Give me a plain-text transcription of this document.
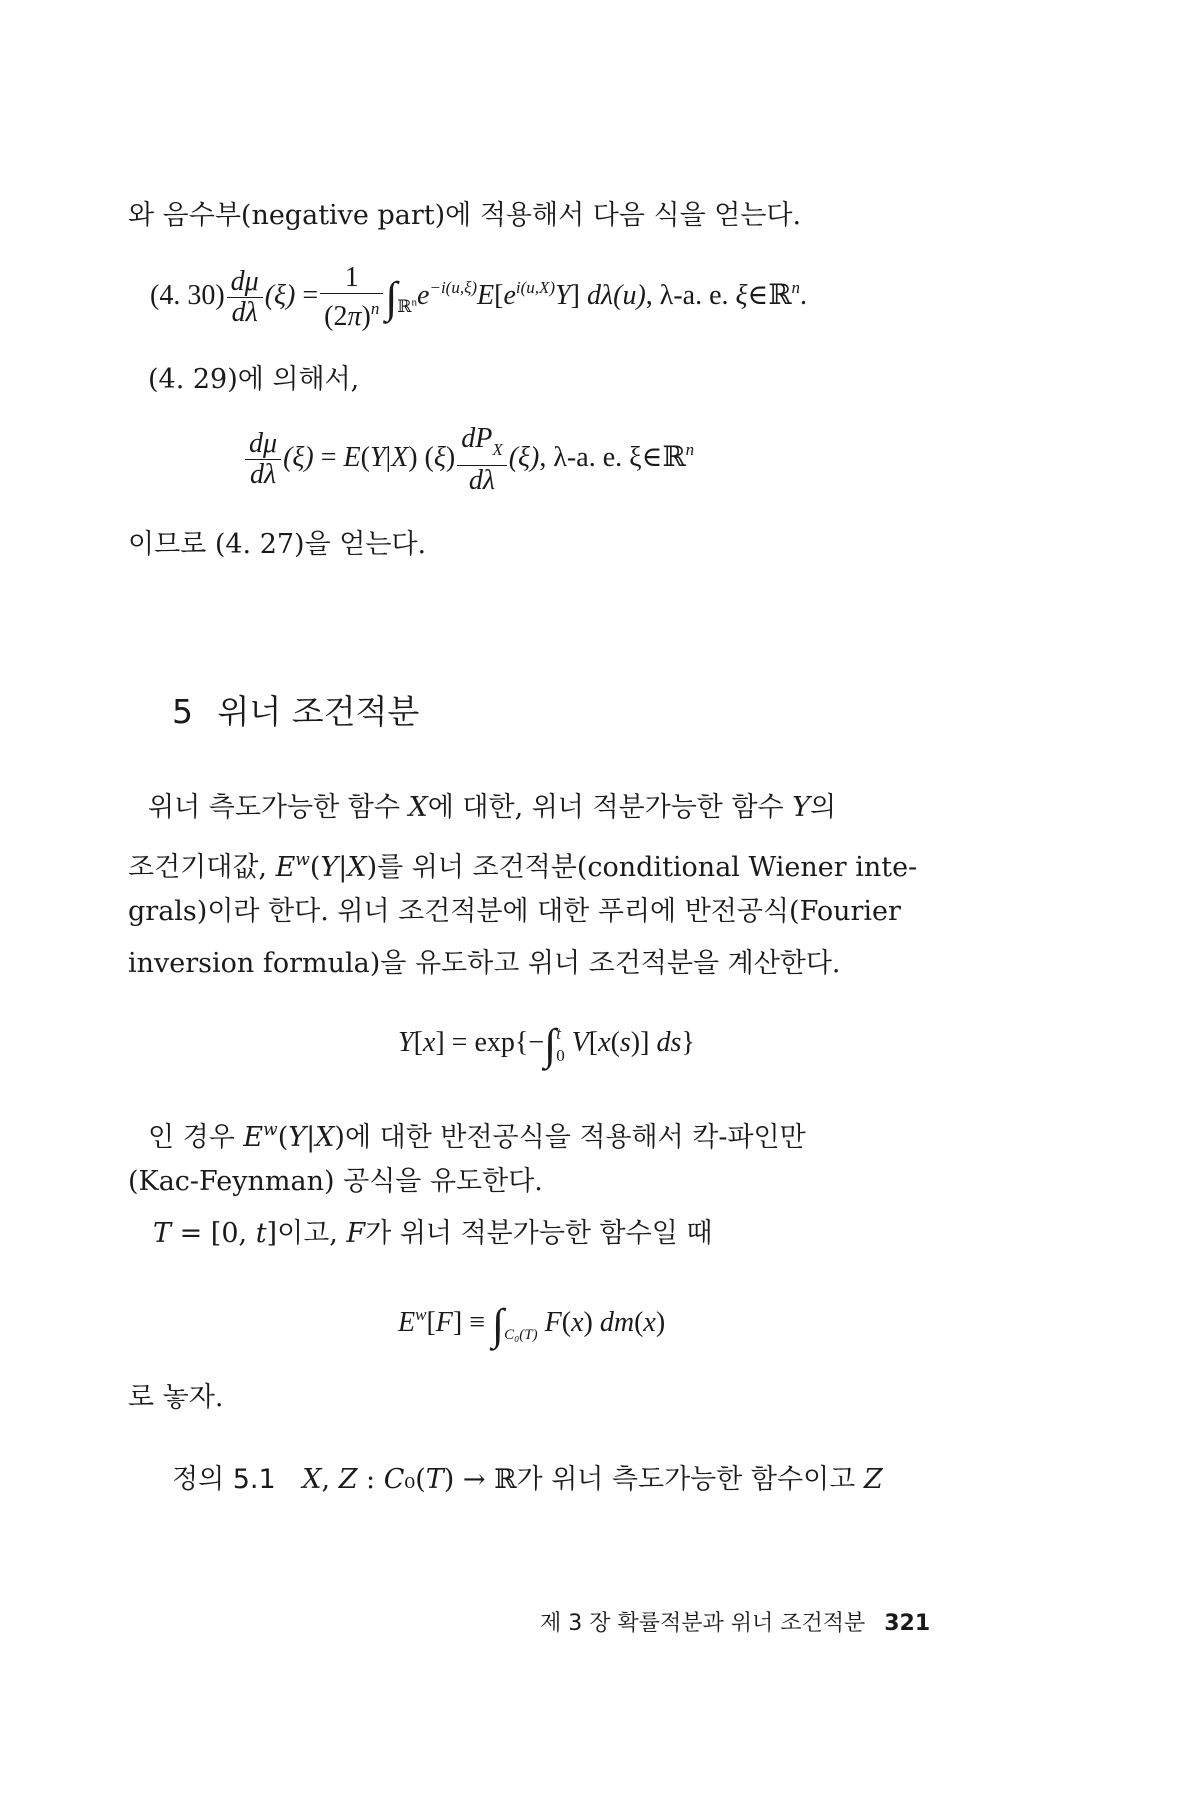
와 음수부(negative part)에 적용해서 다음 식을 얻는다.
(4. $30) \frac{d\mu}{d\lambda} (\xi) = \frac{1}{(2\pi)^n} \int_{ℝ^n}e^{-i(u,\xi)}E[e^{i(u,X)}Y]$ dλ(u), λ-a. e. ξ∈ℝ$^n$.
(4. 29)에 의해서,
$\frac{d\mu}{d\lambda} (\xi) = E(Y|X)$ $(\xi) \frac{dP_X}{d\lambda} (\xi)$, λ-a. e. ξ∈ℝ$^n$
이므로 (4. 27)을 얻는다.
5 위너 조건적분
위너 측도가능한 함수 X에 대한, 위너 적분가능한 함수 Y의
조건기대값, $E^w(Y|X)$를 위너 조건적분(conditional Wiener inte-
grals)이라 한다. 위너 조건적분에 대한 푸리에 반전공식(Fourier
inversion formula)을 유도하고 위너 조건적분을 계산한다.
Y[x] = exp{−∫ t
0 V[x(s)] ds}
인 경우 $E^w(Y|X)$에 대한 반전공식을 적용해서 칵-파인만
(Kac-Feynman) 공식을 유도한다.
T = [0, t]이고, F가 위너 적분가능한 함수일 때
$E^w[F] \equiv \int_{C_0(T)}$ F(x) dm(x)
로 놓자.
정의 5.1 X, Z : C₀(T) → ℝ가 위너 측도가능한 함수이고 Z
제 3 장 확률적분과 위너 조건적분 321
